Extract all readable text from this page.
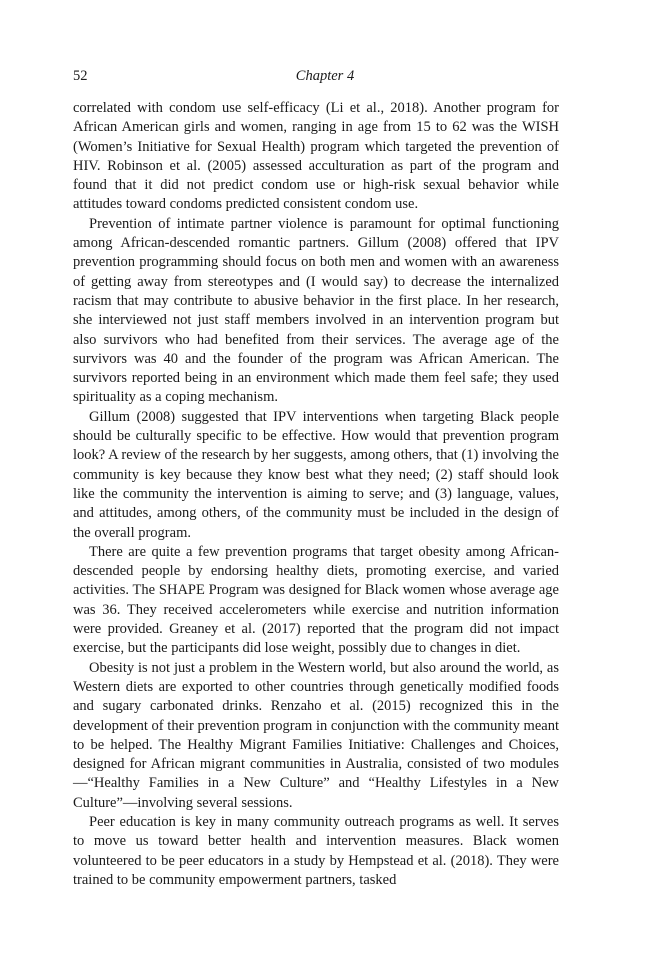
52	Chapter 4

correlated with condom use self-efficacy (Li et al., 2018). Another program for African American girls and women, ranging in age from 15 to 62 was the WISH (Women’s Initiative for Sexual Health) program which targeted the prevention of HIV. Robinson et al. (2005) assessed acculturation as part of the program and found that it did not predict condom use or high-risk sexual behavior while attitudes toward condoms predicted consistent condom use.

Prevention of intimate partner violence is paramount for optimal functioning among African-descended romantic partners. Gillum (2008) offered that IPV prevention programming should focus on both men and women with an awareness of getting away from stereotypes and (I would say) to decrease the internalized racism that may contribute to abusive behavior in the first place. In her research, she interviewed not just staff members involved in an intervention program but also survivors who had benefited from their services. The average age of the survivors was 40 and the founder of the program was African American. The survivors reported being in an environment which made them feel safe; they used spirituality as a coping mechanism.

Gillum (2008) suggested that IPV interventions when targeting Black people should be culturally specific to be effective. How would that prevention program look? A review of the research by her suggests, among others, that (1) involving the community is key because they know best what they need; (2) staff should look like the community the intervention is aiming to serve; and (3) language, values, and attitudes, among others, of the community must be included in the design of the overall program.

There are quite a few prevention programs that target obesity among African-descended people by endorsing healthy diets, promoting exercise, and varied activities. The SHAPE Program was designed for Black women whose average age was 36. They received accelerometers while exercise and nutrition information were provided. Greaney et al. (2017) reported that the program did not impact exercise, but the participants did lose weight, possibly due to changes in diet.

Obesity is not just a problem in the Western world, but also around the world, as Western diets are exported to other countries through genetically modified foods and sugary carbonated drinks. Renzaho et al. (2015) recognized this in the development of their prevention program in conjunction with the community meant to be helped. The Healthy Migrant Families Initiative: Challenges and Choices, designed for African migrant communities in Australia, consisted of two modules—“Healthy Families in a New Culture” and “Healthy Lifestyles in a New Culture”—involving several sessions.

Peer education is key in many community outreach programs as well. It serves to move us toward better health and intervention measures. Black women volunteered to be peer educators in a study by Hempstead et al. (2018). They were trained to be community empowerment partners, tasked
